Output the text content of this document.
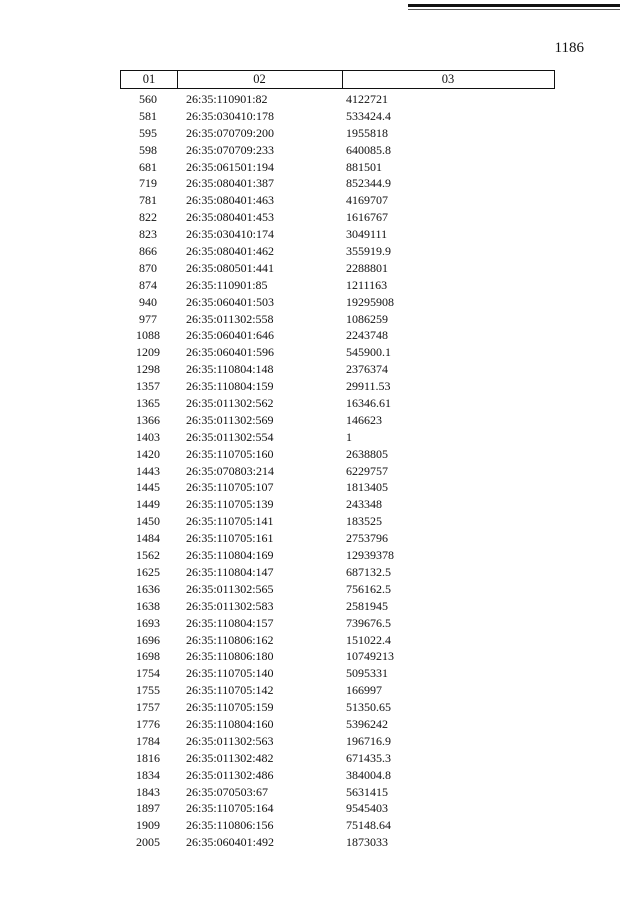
1186
01	02	03
560	26:35:110901:82	4122721
581	26:35:030410:178	533424.4
595	26:35:070709:200	1955818
598	26:35:070709:233	640085.8
681	26:35:061501:194	881501
719	26:35:080401:387	852344.9
781	26:35:080401:463	4169707
822	26:35:080401:453	1616767
823	26:35:030410:174	3049111
866	26:35:080401:462	355919.9
870	26:35:080501:441	2288801
874	26:35:110901:85	1211163
940	26:35:060401:503	19295908
977	26:35:011302:558	1086259
1088	26:35:060401:646	2243748
1209	26:35:060401:596	545900.1
1298	26:35:110804:148	2376374
1357	26:35:110804:159	29911.53
1365	26:35:011302:562	16346.61
1366	26:35:011302:569	146623
1403	26:35:011302:554	1
1420	26:35:110705:160	2638805
1443	26:35:070803:214	6229757
1445	26:35:110705:107	1813405
1449	26:35:110705:139	243348
1450	26:35:110705:141	183525
1484	26:35:110705:161	2753796
1562	26:35:110804:169	12939378
1625	26:35:110804:147	687132.5
1636	26:35:011302:565	756162.5
1638	26:35:011302:583	2581945
1693	26:35:110804:157	739676.5
1696	26:35:110806:162	151022.4
1698	26:35:110806:180	10749213
1754	26:35:110705:140	5095331
1755	26:35:110705:142	166997
1757	26:35:110705:159	51350.65
1776	26:35:110804:160	5396242
1784	26:35:011302:563	196716.9
1816	26:35:011302:482	671435.3
1834	26:35:011302:486	384004.8
1843	26:35:070503:67	5631415
1897	26:35:110705:164	9545403
1909	26:35:110806:156	75148.64
2005	26:35:060401:492	1873033
